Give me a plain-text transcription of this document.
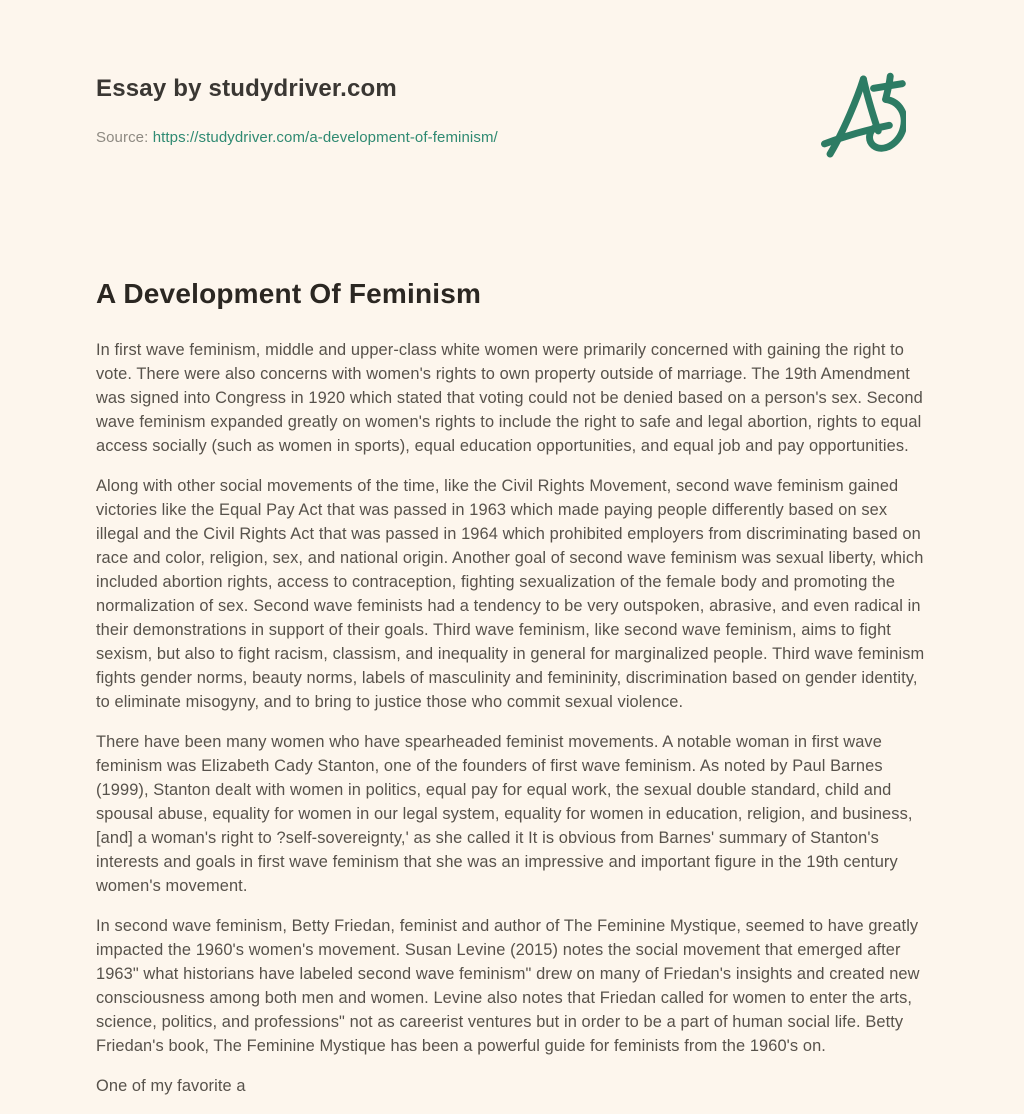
Essay by studydriver.com
Source: https://studydriver.com/a-development-of-feminism/
A Development Of Feminism

In first wave feminism, middle and upper-class white women were primarily concerned with gaining the right to vote. There were also concerns with women's rights to own property outside of marriage. The 19th Amendment was signed into Congress in 1920 which stated that voting could not be denied based on a person's sex. Second wave feminism expanded greatly on women's rights to include the right to safe and legal abortion, rights to equal access socially (such as women in sports), equal education opportunities, and equal job and pay opportunities.

Along with other social movements of the time, like the Civil Rights Movement, second wave feminism gained victories like the Equal Pay Act that was passed in 1963 which made paying people differently based on sex illegal and the Civil Rights Act that was passed in 1964 which prohibited employers from discriminating based on race and color, religion, sex, and national origin. Another goal of second wave feminism was sexual liberty, which included abortion rights, access to contraception, fighting sexualization of the female body and promoting the normalization of sex. Second wave feminists had a tendency to be very outspoken, abrasive, and even radical in their demonstrations in support of their goals. Third wave feminism, like second wave feminism, aims to fight sexism, but also to fight racism, classism, and inequality in general for marginalized people. Third wave feminism fights gender norms, beauty norms, labels of masculinity and femininity, discrimination based on gender identity, to eliminate misogyny, and to bring to justice those who commit sexual violence.

There have been many women who have spearheaded feminist movements. A notable woman in first wave feminism was Elizabeth Cady Stanton, one of the founders of first wave feminism. As noted by Paul Barnes (1999), Stanton dealt with women in politics, equal pay for equal work, the sexual double standard, child and spousal abuse, equality for women in our legal system, equality for women in education, religion, and business, [and] a woman's right to ?self-sovereignty,' as she called it It is obvious from Barnes' summary of Stanton's interests and goals in first wave feminism that she was an impressive and important figure in the 19th century women's movement.

In second wave feminism, Betty Friedan, feminist and author of The Feminine Mystique, seemed to have greatly impacted the 1960's women's movement. Susan Levine (2015) notes the social movement that emerged after 1963" what historians have labeled second wave feminism" drew on many of Friedan's insights and created new consciousness among both men and women. Levine also notes that Friedan called for women to enter the arts, science, politics, and professions" not as careerist ventures but in order to be a part of human social life. Betty Friedan's book, The Feminine Mystique has been a powerful guide for feminists from the 1960's on.

One of my favorite a
